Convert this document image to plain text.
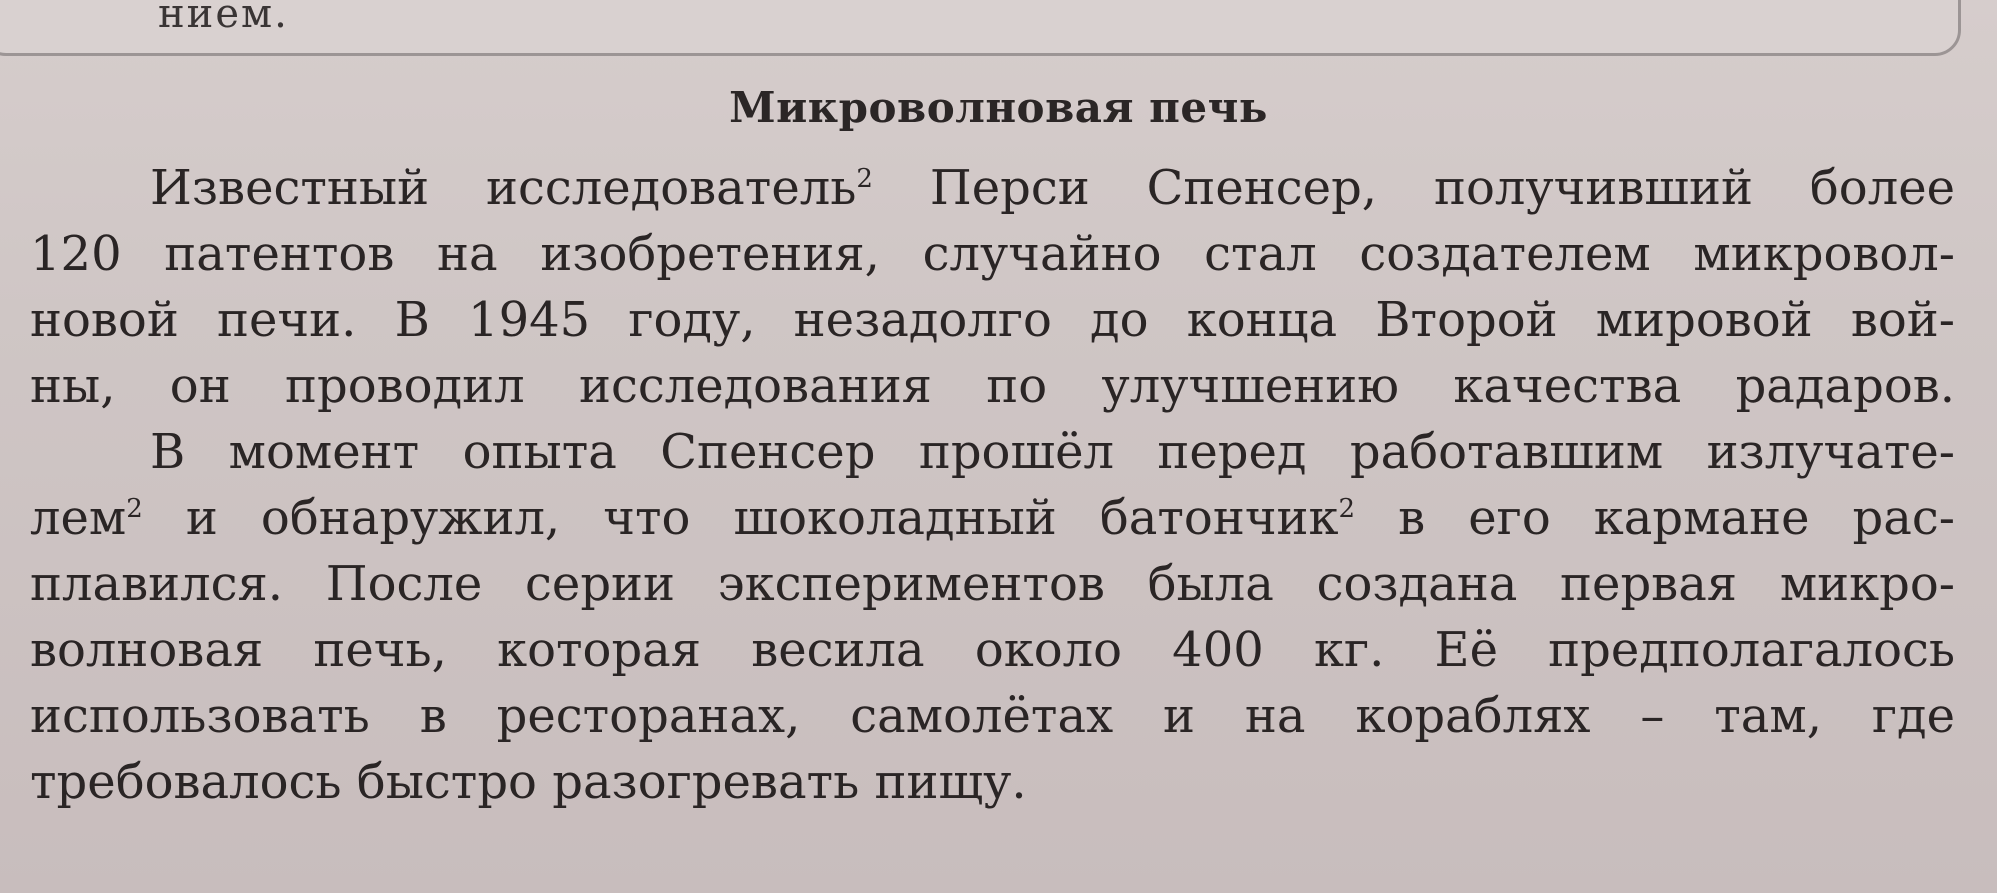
нием.
Микроволновая печь
Известный исследователь$^2$ Перси Спенсер, получивший более
120 патентов на изобретения, случайно стал создателем микровол-
новой печи. В 1945 году, незадолго до конца Второй мировой вой-
ны, он проводил исследования по улучшению качества радаров.
В момент опыта Спенсер прошёл перед работавшим излучате-
лем$^2$ и обнаружил, что шоколадный батончик$^2$ в его кармане рас-
плавился. После серии экспериментов была создана первая микро-
волновая печь, которая весила около 400 кг. Её предполагалось
использовать в ресторанах, самолётах и на кораблях – там, где
требовалось быстро разогревать пищу.
